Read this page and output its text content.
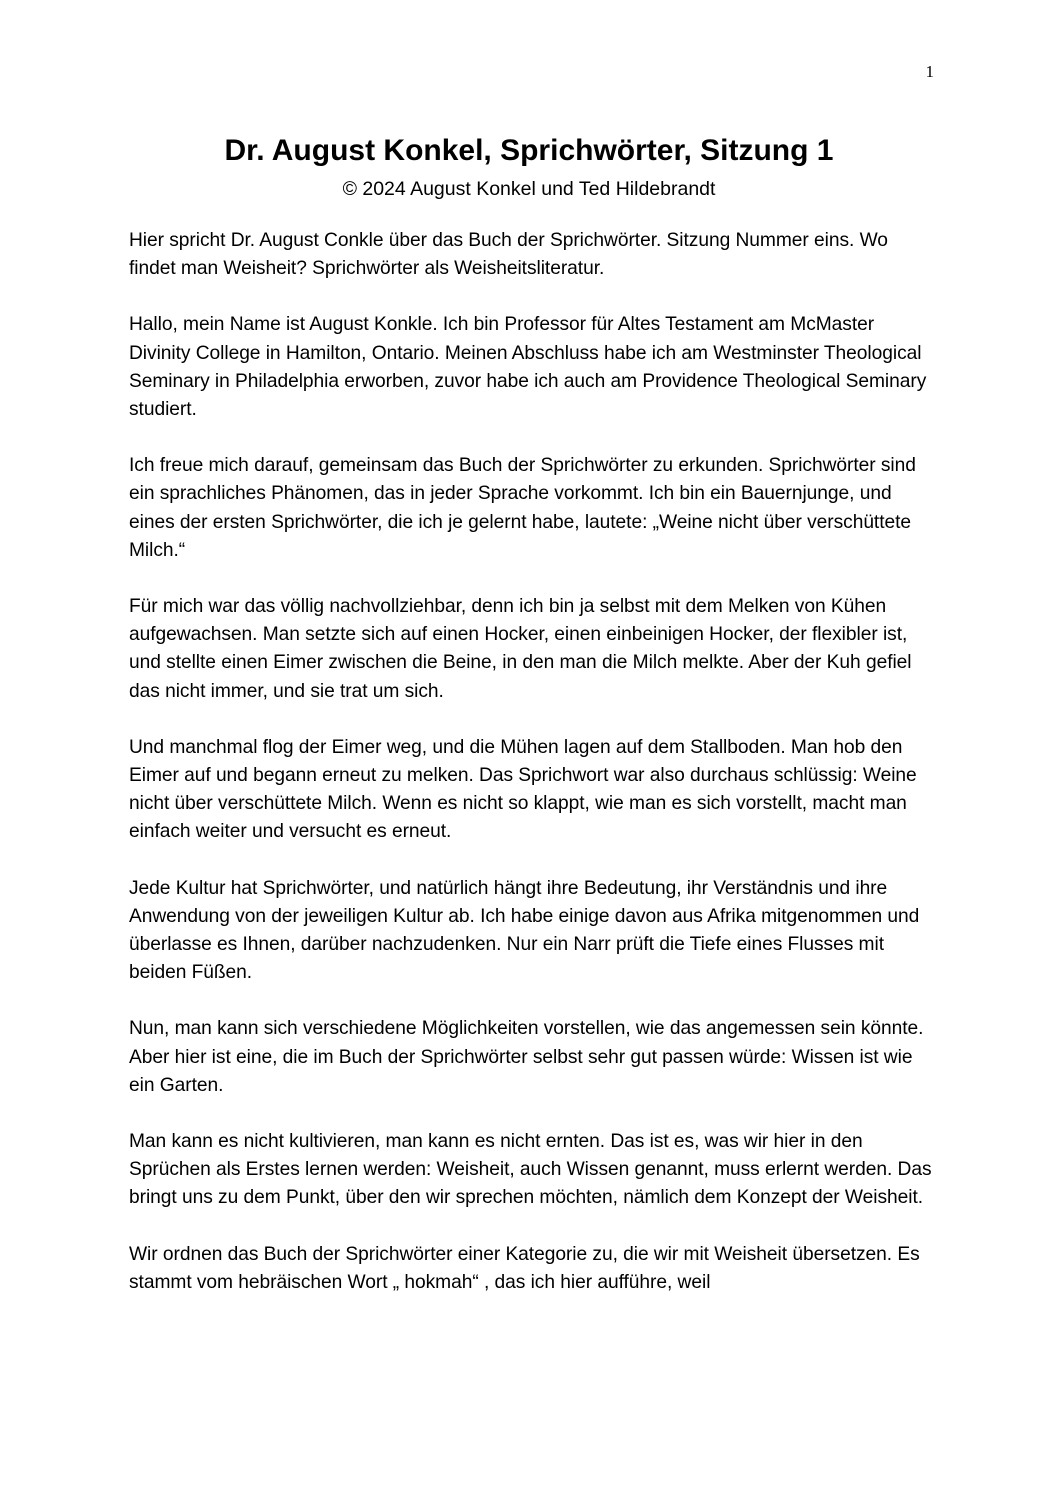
1
Dr. August Konkel, Sprichwörter, Sitzung 1
© 2024 August Konkel und Ted Hildebrandt

Hier spricht Dr. August Conkle über das Buch der Sprichwörter. Sitzung Nummer eins. Wo findet man Weisheit? Sprichwörter als Weisheitsliteratur.

Hallo, mein Name ist August Konkle. Ich bin Professor für Altes Testament am McMaster Divinity College in Hamilton, Ontario. Meinen Abschluss habe ich am Westminster Theological Seminary in Philadelphia erworben, zuvor habe ich auch am Providence Theological Seminary studiert.

Ich freue mich darauf, gemeinsam das Buch der Sprichwörter zu erkunden. Sprichwörter sind ein sprachliches Phänomen, das in jeder Sprache vorkommt. Ich bin ein Bauernjunge, und eines der ersten Sprichwörter, die ich je gelernt habe, lautete: „Weine nicht über verschüttete Milch.“

Für mich war das völlig nachvollziehbar, denn ich bin ja selbst mit dem Melken von Kühen aufgewachsen. Man setzte sich auf einen Hocker, einen einbeinigen Hocker, der flexibler ist, und stellte einen Eimer zwischen die Beine, in den man die Milch melkte. Aber der Kuh gefiel das nicht immer, und sie trat um sich.

Und manchmal flog der Eimer weg, und die Mühen lagen auf dem Stallboden. Man hob den Eimer auf und begann erneut zu melken. Das Sprichwort war also durchaus schlüssig: Weine nicht über verschüttete Milch. Wenn es nicht so klappt, wie man es sich vorstellt, macht man einfach weiter und versucht es erneut.

Jede Kultur hat Sprichwörter, und natürlich hängt ihre Bedeutung, ihr Verständnis und ihre Anwendung von der jeweiligen Kultur ab. Ich habe einige davon aus Afrika mitgenommen und überlasse es Ihnen, darüber nachzudenken. Nur ein Narr prüft die Tiefe eines Flusses mit beiden Füßen.

Nun, man kann sich verschiedene Möglichkeiten vorstellen, wie das angemessen sein könnte. Aber hier ist eine, die im Buch der Sprichwörter selbst sehr gut passen würde: Wissen ist wie ein Garten.

Man kann es nicht kultivieren, man kann es nicht ernten. Das ist es, was wir hier in den Sprüchen als Erstes lernen werden: Weisheit, auch Wissen genannt, muss erlernt werden. Das bringt uns zu dem Punkt, über den wir sprechen möchten, nämlich dem Konzept der Weisheit.

Wir ordnen das Buch der Sprichwörter einer Kategorie zu, die wir mit Weisheit übersetzen. Es stammt vom hebräischen Wort „ hokmah“ , das ich hier aufführe, weil
